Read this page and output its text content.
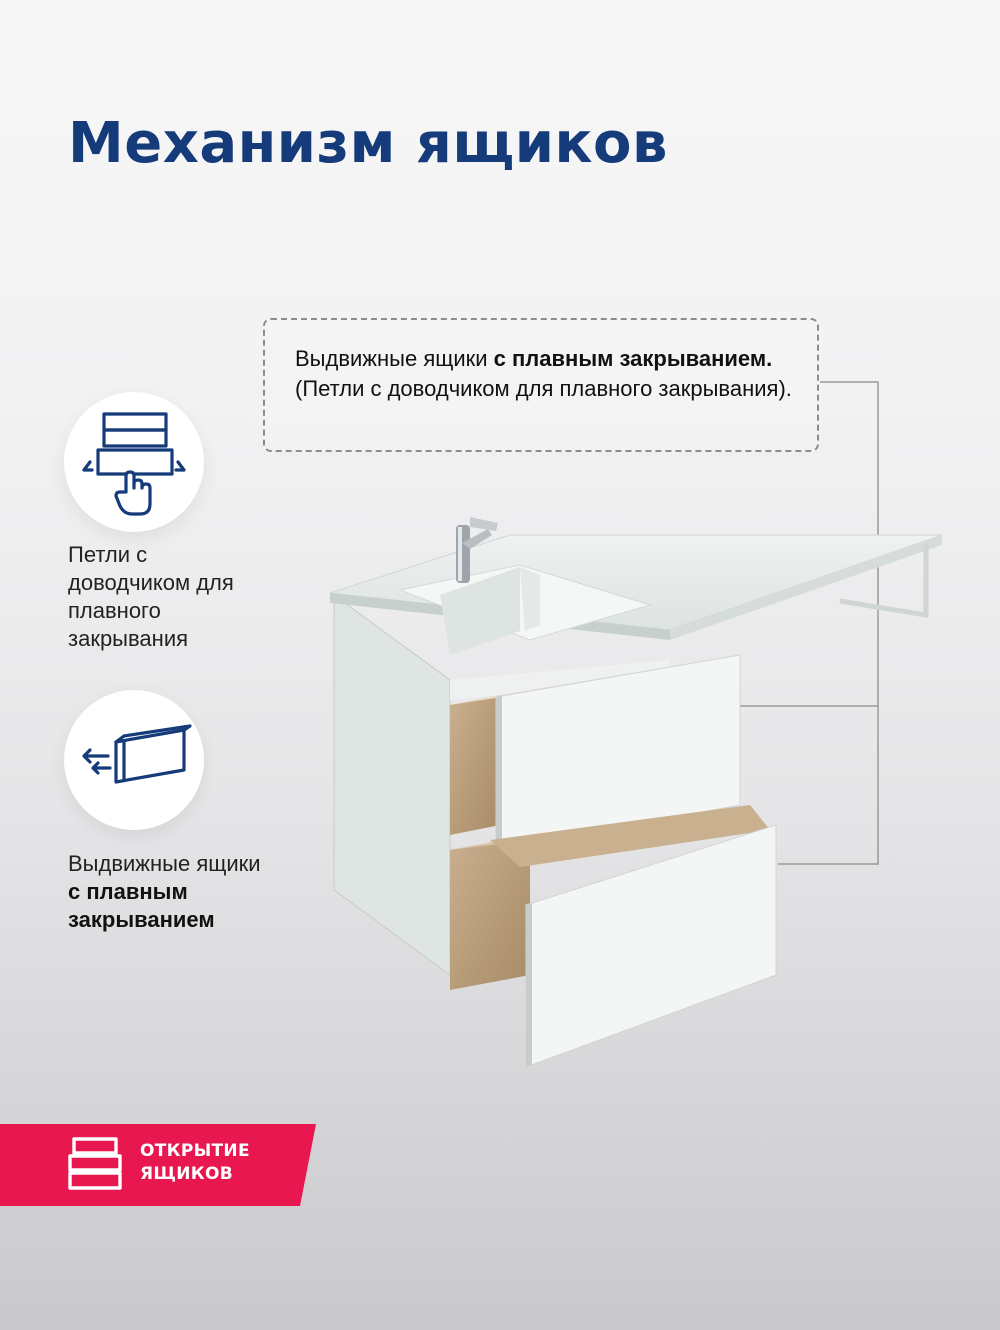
Механизм ящиков

Выдвижные ящики с плавным закрыванием. (Петли с доводчиком для плавного закрывания).

Петли с доводчиком для плавного закрывания

Выдвижные ящики с плавным закрыванием

ОТКРЫТИЕ ЯЩИКОВ
